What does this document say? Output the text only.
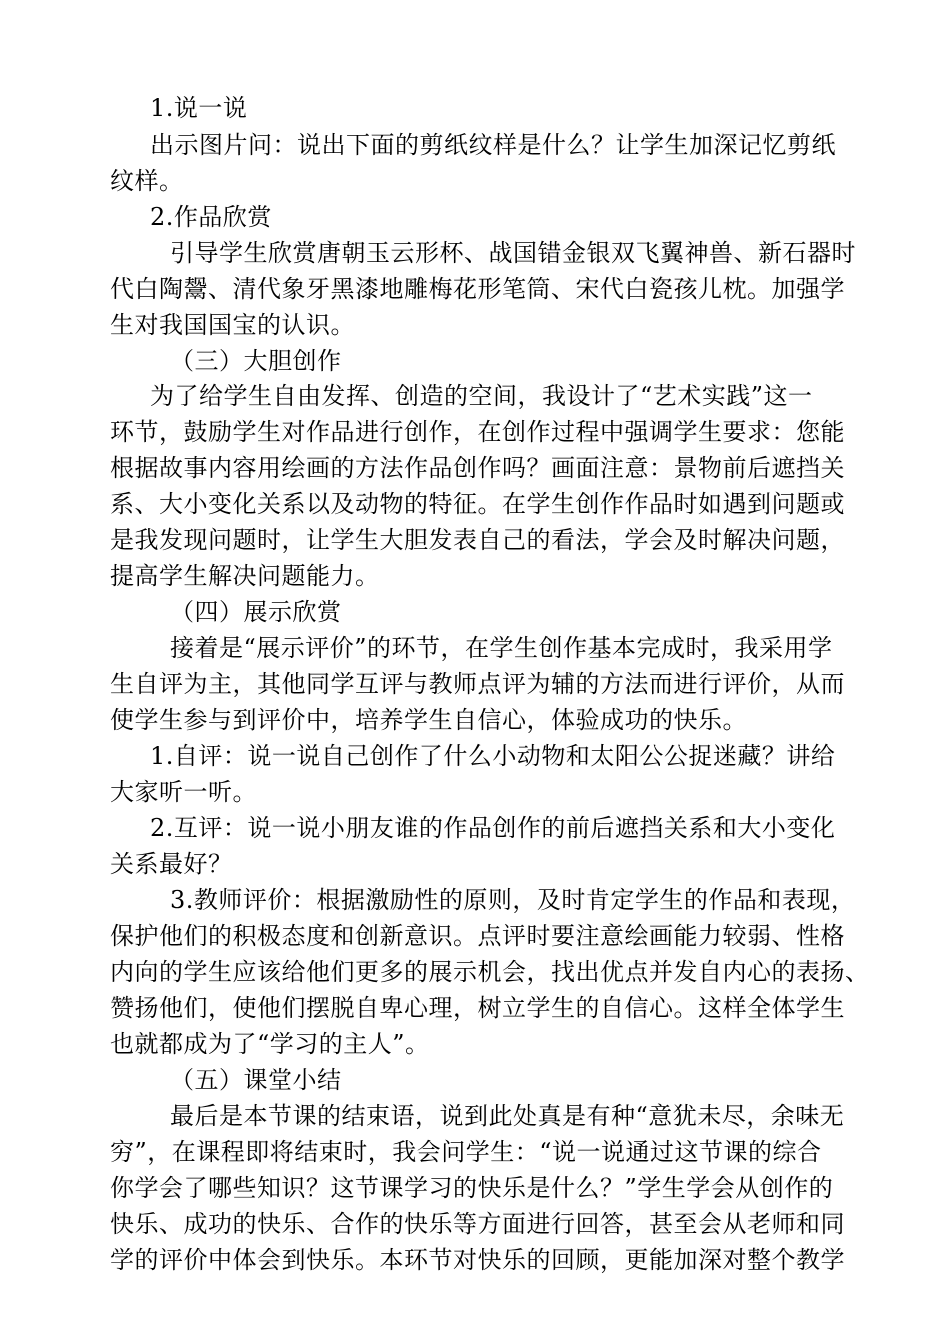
1.说一说
出示图片问：说出下面的剪纸纹样是什么？让学生加深记忆剪纸
纹样。
2.作品欣赏
引导学生欣赏唐朝玉云形杯、战国错金银双飞翼神兽、新石器时
代白陶鬶、清代象牙黑漆地雕梅花形笔筒、宋代白瓷孩儿枕。加强学
生对我国国宝的认识。
（三）大胆创作
为了给学生自由发挥、创造的空间，我设计了“艺术实践”这一
环节，鼓励学生对作品进行创作，在创作过程中强调学生要求：您能
根据故事内容用绘画的方法作品创作吗？画面注意：景物前后遮挡关
系、大小变化关系以及动物的特征。在学生创作作品时如遇到问题或
是我发现问题时，让学生大胆发表自己的看法，学会及时解决问题，
提高学生解决问题能力。
（四）展示欣赏
接着是“展示评价”的环节，在学生创作基本完成时，我采用学
生自评为主，其他同学互评与教师点评为辅的方法而进行评价，从而
使学生参与到评价中，培养学生自信心，体验成功的快乐。
1.自评：说一说自己创作了什么小动物和太阳公公捉迷藏？讲给
大家听一听。
2.互评：说一说小朋友谁的作品创作的前后遮挡关系和大小变化
关系最好？
3.教师评价：根据激励性的原则，及时肯定学生的作品和表现，
保护他们的积极态度和创新意识。点评时要注意绘画能力较弱、性格
内向的学生应该给他们更多的展示机会，找出优点并发自内心的表扬、
赞扬他们，使他们摆脱自卑心理，树立学生的自信心。这样全体学生
也就都成为了“学习的主人”。
（五）课堂小结
最后是本节课的结束语，说到此处真是有种“意犹未尽，余味无
穷”，在课程即将结束时，我会问学生：“说一说通过这节课的综合
你学会了哪些知识？这节课学习的快乐是什么？”学生学会从创作的
快乐、成功的快乐、合作的快乐等方面进行回答，甚至会从老师和同
学的评价中体会到快乐。本环节对快乐的回顾，更能加深对整个教学
